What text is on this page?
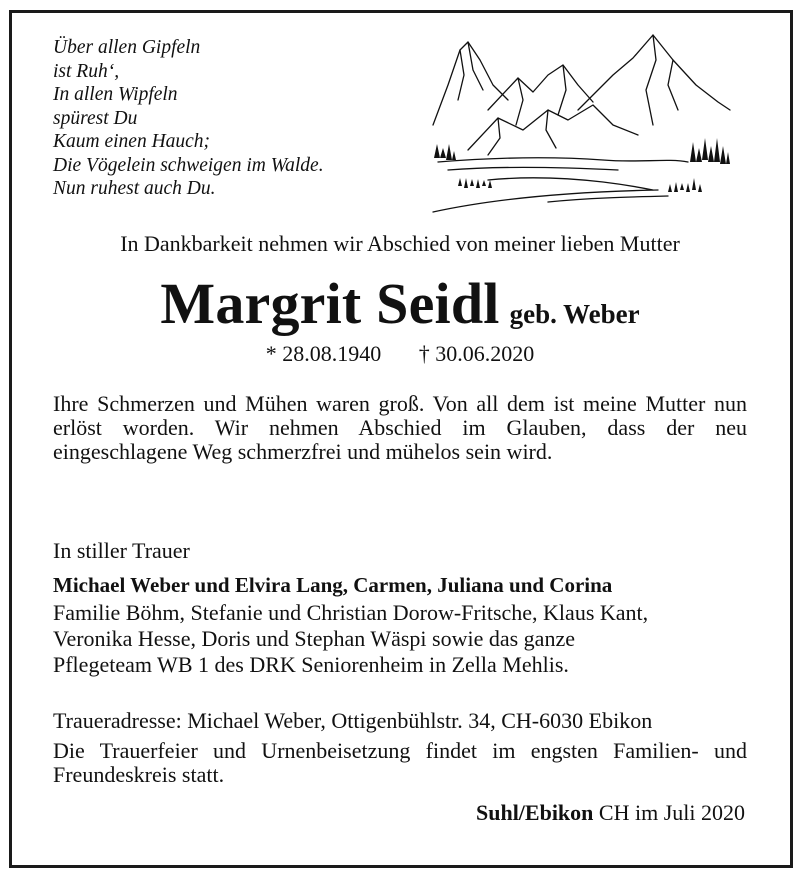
Über allen Gipfeln
ist Ruh‘,
In allen Wipfeln
spürest Du
Kaum einen Hauch;
Die Vögelein schweigen im Walde.
Nun ruhest auch Du.
In Dankbarkeit nehmen wir Abschied von meiner lieben Mutter
Margrit Seidl geb. Weber
* 28.08.1940 † 30.06.2020
Ihre Schmerzen und Mühen waren groß. Von all dem ist meine Mutter nun erlöst worden. Wir nehmen Abschied im Glauben, dass der neu eingeschlagene Weg schmerzfrei und mühelos sein wird.
In stiller Trauer
Michael Weber und Elvira Lang, Carmen, Juliana und Corina
Familie Böhm, Stefanie und Christian Dorow-Fritsche, Klaus Kant,
Veronika Hesse, Doris und Stephan Wäspi sowie das ganze
Pflegeteam WB 1 des DRK Seniorenheim in Zella Mehlis.
Traueradresse: Michael Weber, Ottigenbühlstr. 34, CH-6030 Ebikon
Die Trauerfeier und Urnenbeisetzung findet im engsten Familien- und Freundeskreis statt.
Suhl/Ebikon CH im Juli 2020
